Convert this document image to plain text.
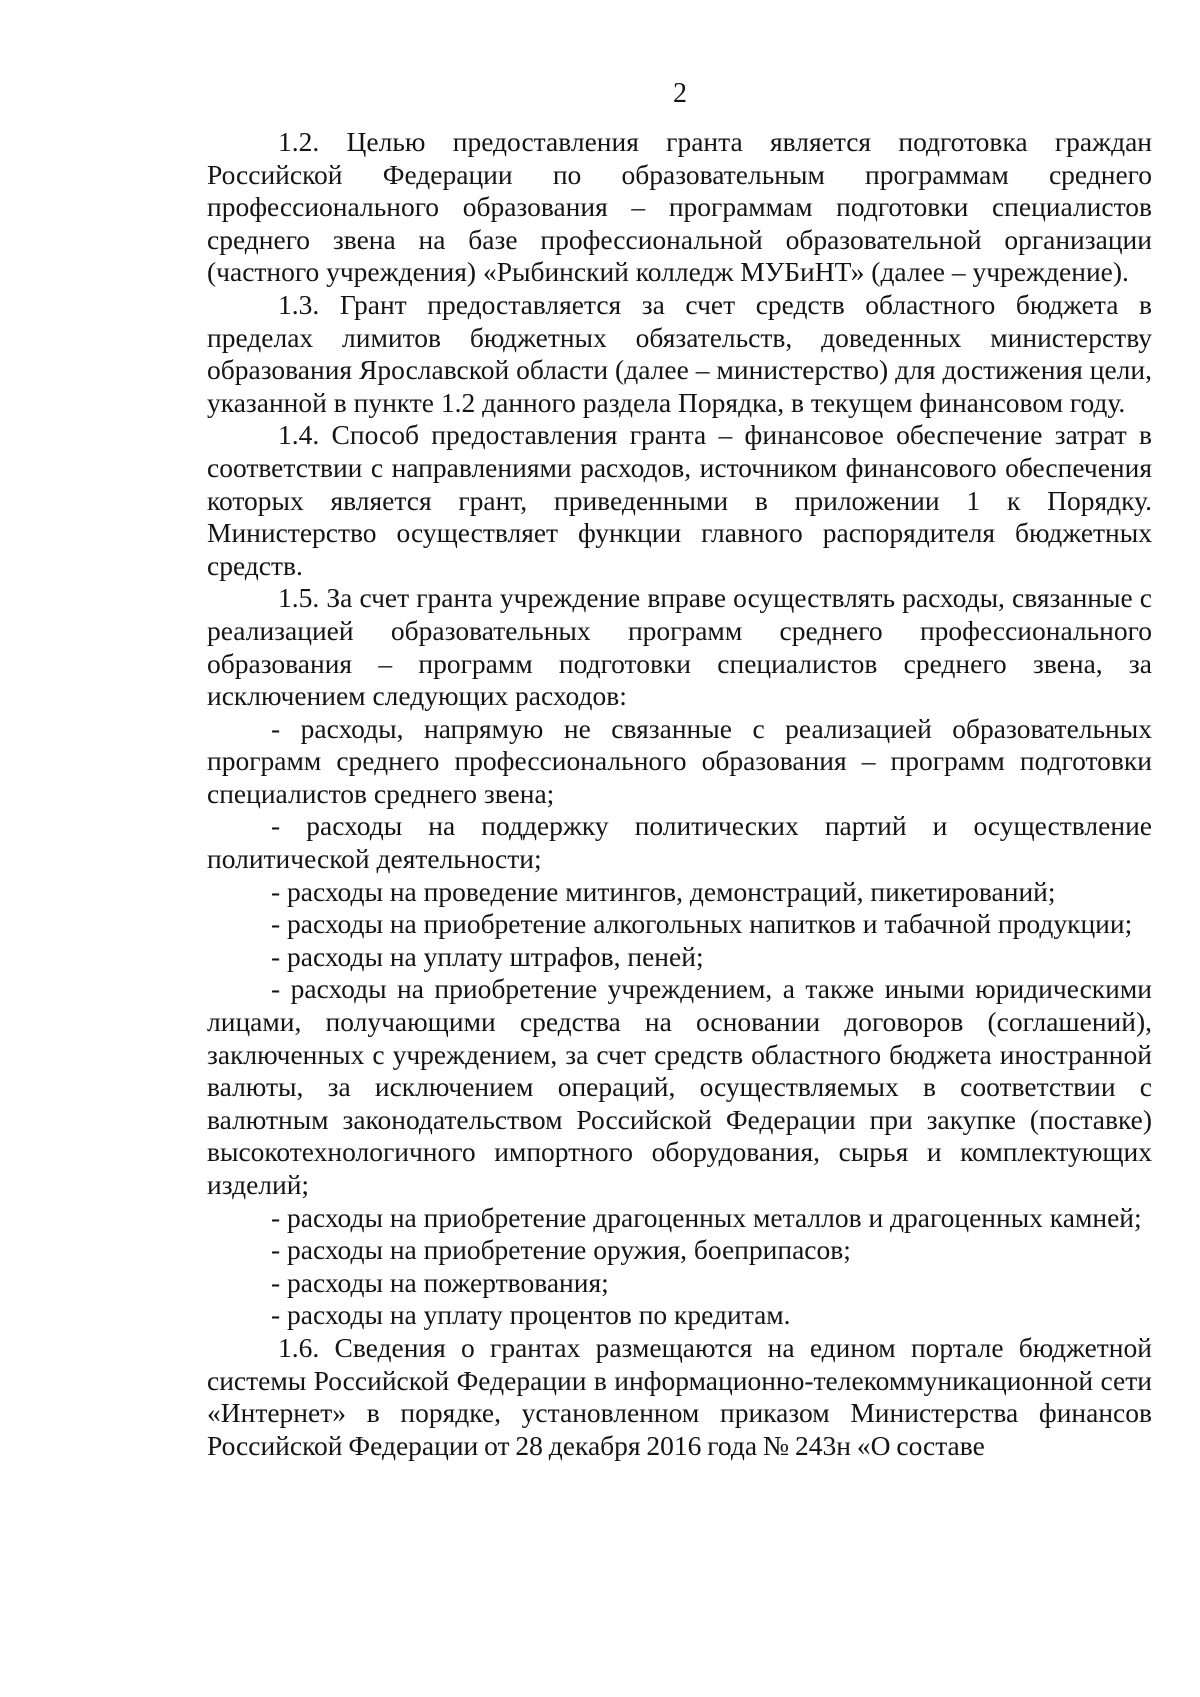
2

1.2. Целью предоставления гранта является подготовка граждан Российской Федерации по образовательным программам среднего профессионального образования – программам подготовки специалистов среднего звена на базе профессиональной образовательной организации (частного учреждения) «Рыбинский колледж МУБиНТ» (далее – учреждение).

1.3. Грант предоставляется за счет средств областного бюджета в пределах лимитов бюджетных обязательств, доведенных министерству образования Ярославской области (далее – министерство) для достижения цели, указанной в пункте 1.2 данного раздела Порядка, в текущем финансовом году.

1.4. Способ предоставления гранта – финансовое обеспечение затрат в соответствии с направлениями расходов, источником финансового обеспечения которых является грант, приведенными в приложении 1 к Порядку. Министерство осуществляет функции главного распорядителя бюджетных средств.

1.5. За счет гранта учреждение вправе осуществлять расходы, связанные с реализацией образовательных программ среднего профессионального образования – программ подготовки специалистов среднего звена, за исключением следующих расходов:

- расходы, напрямую не связанные с реализацией образовательных программ среднего профессионального образования – программ подготовки специалистов среднего звена;

- расходы на поддержку политических партий и осуществление политической деятельности;

- расходы на проведение митингов, демонстраций, пикетирований;

- расходы на приобретение алкогольных напитков и табачной продукции;

- расходы на уплату штрафов, пеней;

- расходы на приобретение учреждением, а также иными юридическими лицами, получающими средства на основании договоров (соглашений), заключенных с учреждением, за счет средств областного бюджета иностранной валюты, за исключением операций, осуществляемых в соответствии с валютным законодательством Российской Федерации при закупке (поставке) высокотехнологичного импортного оборудования, сырья и комплектующих изделий;

- расходы на приобретение драгоценных металлов и драгоценных камней;

- расходы на приобретение оружия, боеприпасов;

- расходы на пожертвования;

- расходы на уплату процентов по кредитам.

1.6. Сведения о грантах размещаются на едином портале бюджетной системы Российской Федерации в информационно-телекоммуникационной сети «Интернет» в порядке, установленном приказом Министерства финансов Российской Федерации от 28 декабря 2016 года № 243н «О составе
